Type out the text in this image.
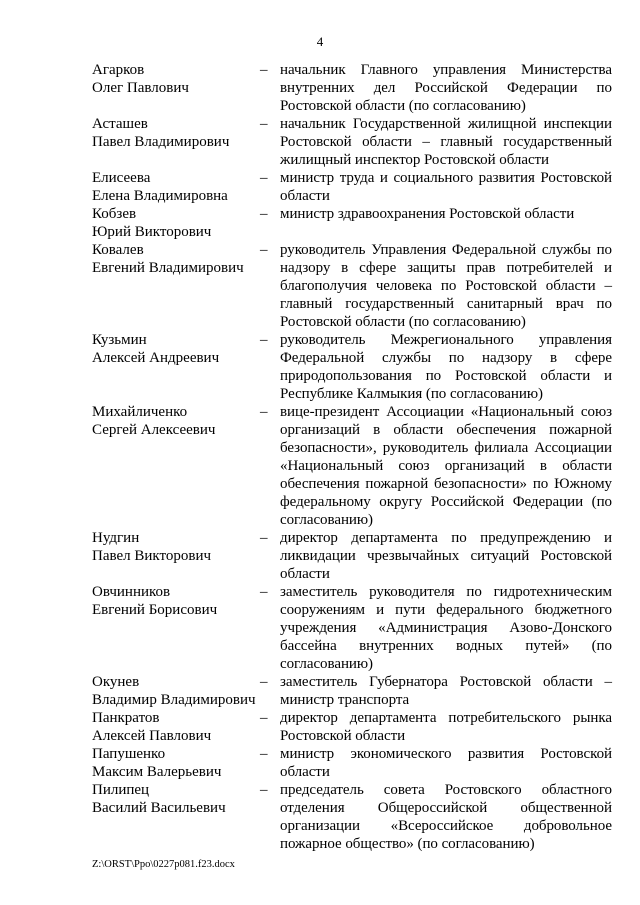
4
Агарков
Олег Павлович
– начальник Главного управления Министерства внутренних дел Российской Федерации по Ростовской области (по согласованию)
Асташев
Павел Владимирович
– начальник Государственной жилищной инспекции Ростовской области – главный государственный жилищный инспектор Ростовской области
Елисеева
Елена Владимировна
– министр труда и социального развития Ростовской области
Кобзев
Юрий Викторович
– министр здравоохранения Ростовской области
Ковалев
Евгений Владимирович
– руководитель Управления Федеральной службы по надзору в сфере защиты прав потребителей и благополучия человека по Ростовской области – главный государственный санитарный врач по Ростовской области (по согласованию)
Кузьмин
Алексей Андреевич
– руководитель Межрегионального управления Федеральной службы по надзору в сфере природопользования по Ростовской области и Республике Калмыкия (по согласованию)
Михайличенко
Сергей Алексеевич
– вице-президент Ассоциации «Национальный союз организаций в области обеспечения пожарной безопасности», руководитель филиала Ассоциации «Национальный союз организаций в области обеспечения пожарной безопасности» по Южному федеральному округу Российской Федерации (по согласованию)
Нудгин
Павел Викторович
– директор департамента по предупреждению и ликвидации чрезвычайных ситуаций Ростовской области
Овчинников
Евгений Борисович
– заместитель руководителя по гидротехническим сооружениям и пути федерального бюджетного учреждения «Администрация Азово-Донского бассейна внутренних водных путей» (по согласованию)
Окунев
Владимир Владимирович
– заместитель Губернатора Ростовской области – министр транспорта
Панкратов
Алексей Павлович
– директор департамента потребительского рынка Ростовской области
Папушенко
Максим Валерьевич
– министр экономического развития Ростовской области
Пилипец
Василий Васильевич
– председатель совета Ростовского областного отделения Общероссийской общественной организации «Всероссийское добровольное пожарное общество» (по согласованию)
Z:\ORST\Ppo\0227p081.f23.docx
